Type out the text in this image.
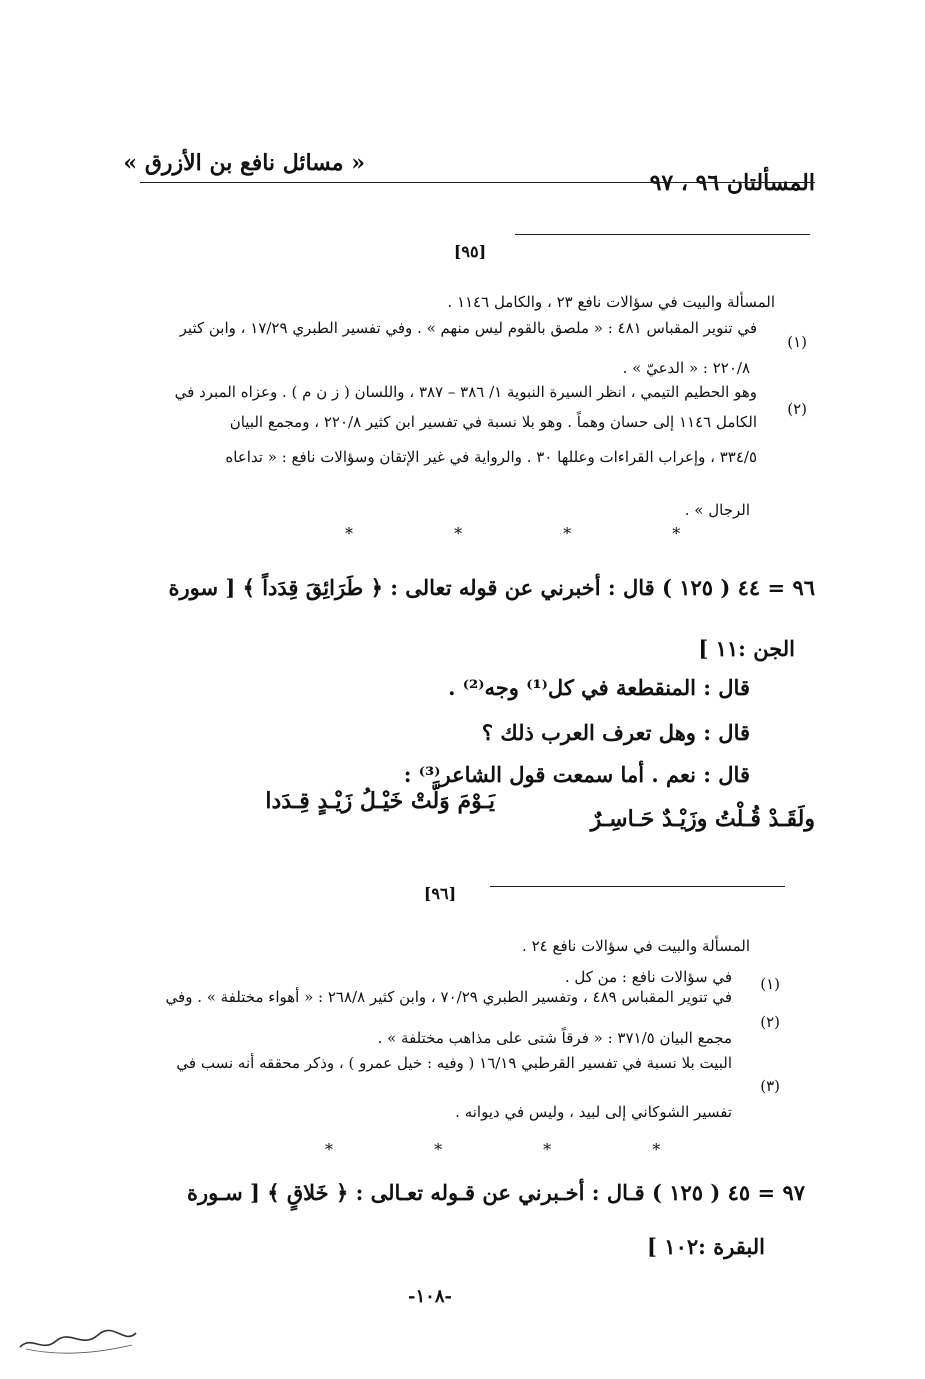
« مسائل نافع بن الأزرق »
المسألتان ٩٦ ، ٩٧
[٩٥]
المسألة والبيت في سؤالات نافع ٢٣ ، والكامل ١١٤٦ .
(١)
في تنوير المقباس ٤٨١ : « ملصق بالقوم ليس منهم » . وفي تفسير الطبري ١٧/٢٩ ، وابن كثير
٢٢٠/٨ : « الدعيّ » .
(٢)
وهو الحطيم التيمي ، انظر السيرة النبوية ١/ ٣٨٦ – ٣٨٧ ، واللسان ( ز ن م ) . وعزاه المبرد في
الكامل ١١٤٦ إلى حسان وهماً . وهو بلا نسبة في تفسير ابن كثير ٢٢٠/٨ ، ومجمع البيان
٣٣٤/٥ ، وإعراب القراءات وعللها ٣٠ . والرواية في غير الإتقان وسؤالات نافع : « تداعاه
الرجال » .
* * * *
٩٦ = ٤٤ ( ١٢٥ ) قال : أخبرني عن قوله تعالى : ﴿ طَرَائِقَ قِدَداً ﴾ [ سورة
الجن :١١ ]
قال : المنقطعة في كل⁽¹⁾ وجه⁽²⁾ .
قال : وهل تعرف العرب ذلك ؟
قال : نعم . أما سمعت قول الشاعر⁽³⁾ :
ولَقَـدْ قُـلْتُ وزَيْـدٌ حَـاسِـرٌ
يَـوْمَ وَلَّتْ خَيْـلُ زَيْـدٍ قِـدَدا
[٩٦]
المسألة والبيت في سؤالات نافع ٢٤ .
(١)
في سؤالات نافع : من كل .
(٢)
في تنوير المقباس ٤٨٩ ، وتفسير الطبري ٧٠/٢٩ ، وابن كثير ٢٦٨/٨ : « أهواء مختلفة » . وفي
مجمع البيان ٣٧١/٥ : « فرقاً شتى على مذاهب مختلفة » .
(٣)
البيت بلا نسبة في تفسير القرطبي ١٦/١٩ ( وفيه : خيل عمرو ) ، وذكر محققه أنه نسب في
تفسير الشوكاني إلى لبيد ، وليس في ديوانه .
* * * *
٩٧ = ٤٥ ( ١٢٥ ) قـال : أخـبرني عن قـوله تعـالى : ﴿ خَلاقٍ ﴾ [ سـورة
البقرة :١٠٢ ]
-١٠٨-
